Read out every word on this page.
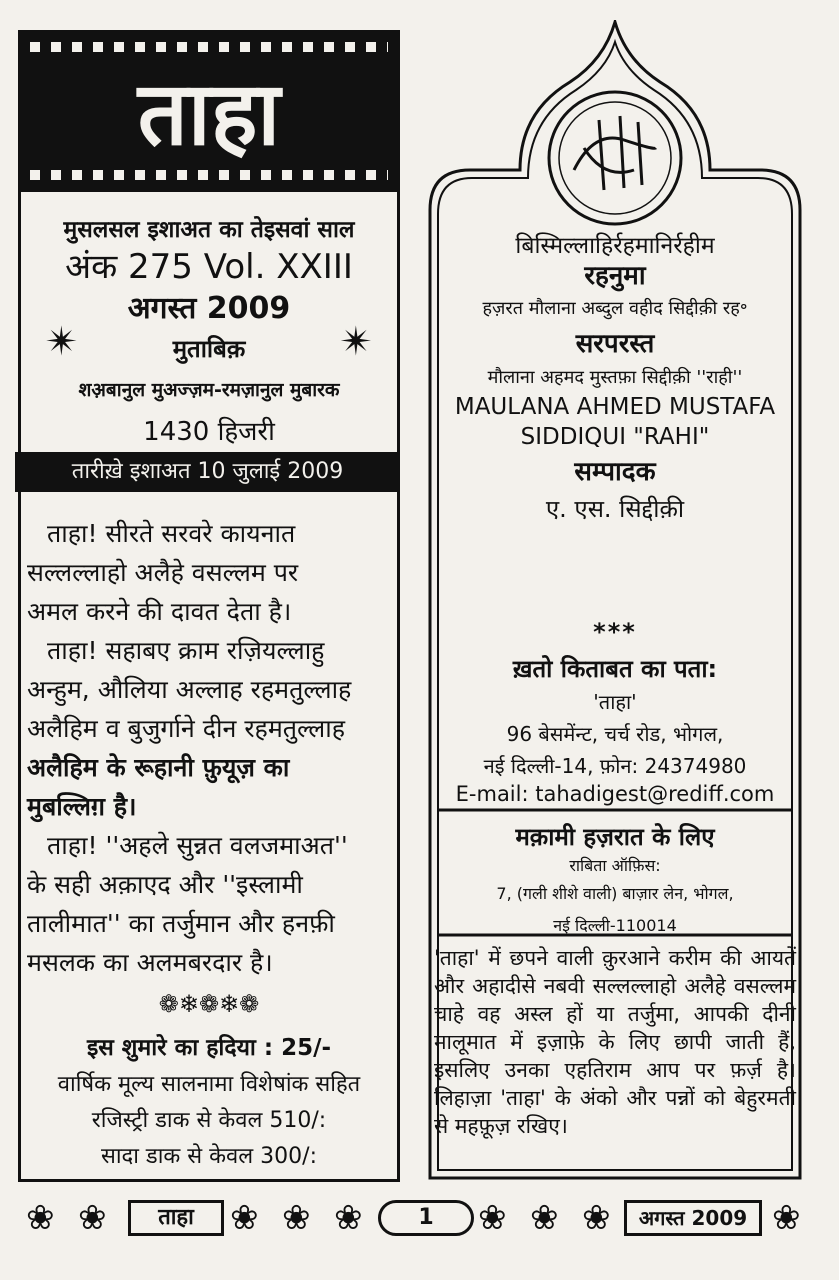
ताहा
मुसलसल इशाअत का तेइसवां साल
अंक 275 Vol. XXIII
अगस्त 2009
✴	मुताबिक़	✴
शअ़बानुल मुअज्ज़म-रमज़ानुल मुबारक
1430 हिजरी
तारीख़े इशाअत 10 जुलाई 2009

ताहा! सीरते सरवरे कायनात

सल्लल्लाहो अलैहे वसल्लम पर

अमल करने की दावत देता है।

ताहा! सहाबए क्राम रज़ियल्लाहु

अन्हुम, औलिया अल्लाह रहमतुल्लाह

अलैहिम व बुजुर्गाने दीन रहमतुल्लाह

अलैहिम के रूहानी फ़ुयूज़ का

मुबल्लिग़ है।

ताहा! ''अहले सुन्नत वलजमाअत''

के सही अक़ाएद और ''इस्लामी

तालीमात'' का तर्जुमान और हनफ़ी

मसलक का अलमबरदार है।

❁❄❁❄❁
इस शुमारे का हदिया : 25/-
वार्षिक मूल्य सालनामा विशेषांक सहित
रजिस्ट्री डाक से केवल 510/:
सादा डाक से केवल 300/:
बिस्मिल्लाहिर्रहमानिर्रहीम
रहनुमा
हज़रत मौलाना अब्दुल वहीद सिद्दीक़ी रह॰
सरपरस्त
मौलाना अहमद मुस्तफ़ा सिद्दीक़ी ''राही''
MAULANA AHMED MUSTAFA
SIDDIQUI "RAHI"
सम्पादक
ए. एस. सिद्दीक़ी
***
ख़तो किताबत का पता:
'ताहा'
96 बेसमेंन्ट, चर्च रोड, भोगल,
नई दिल्ली-14, फ़ोन: 24374980
E-mail: tahadigest@rediff.com
मक़ामी हज़रात के लिए
राबिता ऑफ़िस:
7, (गली शीशे वाली) बाज़ार लेन, भोगल,
नई दिल्ली-110014
'ताहा' में छपने वाली क़ुरआने करीम की आयतें और अहादीसे नबवी सल्लल्लाहो अलैहे वसल्लम चाहे वह अस्ल हों या तर्जुमा, आपकी दीनी मालूमात में इज़ाफ़े के लिए छापी जाती हैं, इसलिए उनका एहतिराम आप पर फ़र्ज़ है। लिहाज़ा 'ताहा' के अंको और पन्नों को बेहुरमती से महफ़ूज़ रखिए।
❀ ❀	ताहा	❀ ❀ ❀	1	❀ ❀ ❀	अगस्त 2009 ❀
